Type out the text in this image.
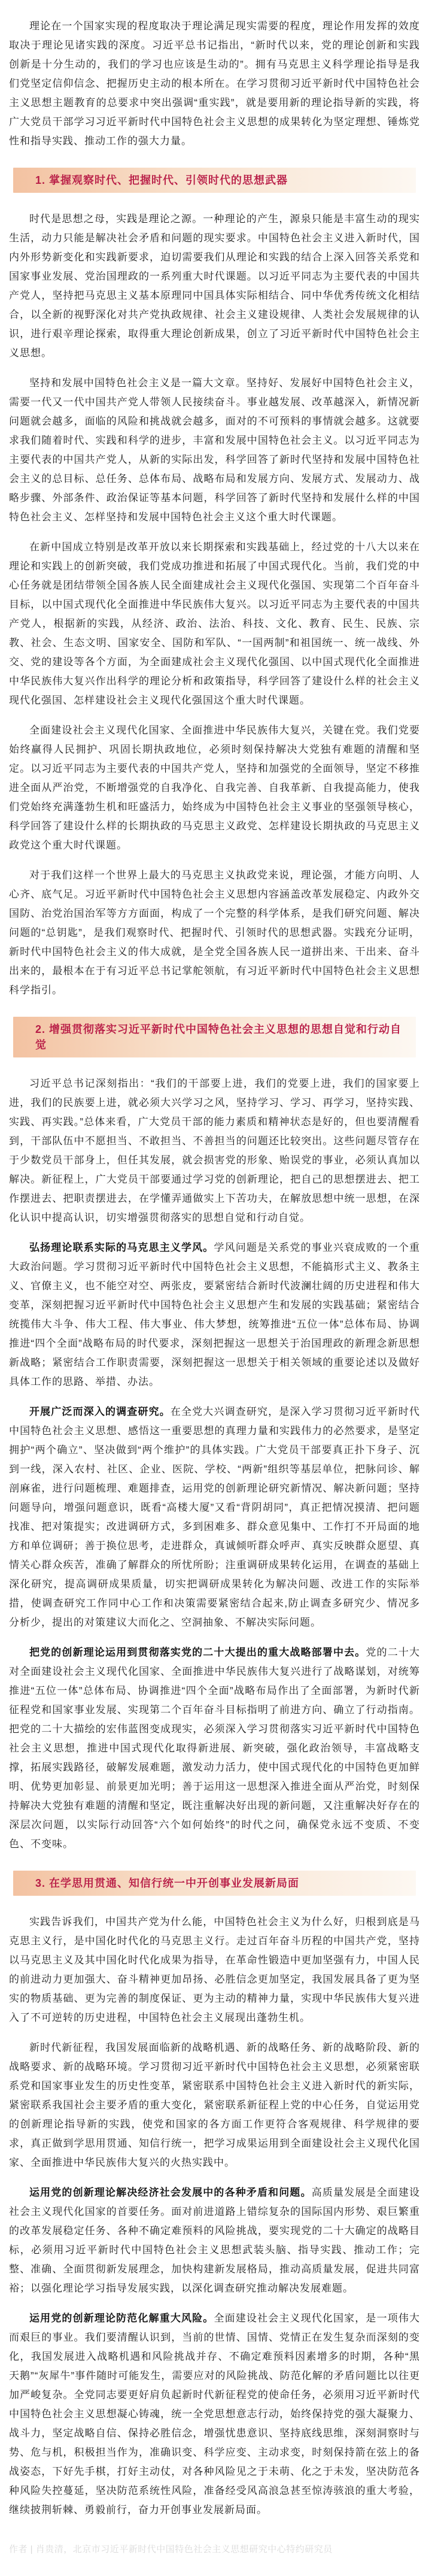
理论在一个国家实现的程度取决于理论满足现实需要的程度，理论作用发挥的效度取决于理论见诸实践的深度。习近平总书记指出，“新时代以来，党的理论创新和实践创新是十分生动的，我们的学习也应该是生动的”。拥有马克思主义科学理论指导是我们党坚定信仰信念、把握历史主动的根本所在。在学习贯彻习近平新时代中国特色社会主义思想主题教育的总要求中突出强调“重实践”，就是要用新的理论指导新的实践，将广大党员干部学习习近平新时代中国特色社会主义思想的成果转化为坚定理想、锤炼党性和指导实践、推动工作的强大力量。

1. 掌握观察时代、把握时代、引领时代的思想武器

时代是思想之母，实践是理论之源。一种理论的产生，源泉只能是丰富生动的现实生活，动力只能是解决社会矛盾和问题的现实要求。中国特色社会主义进入新时代，国内外形势新变化和实践新要求，迫切需要我们从理论和实践的结合上深入回答关系党和国家事业发展、党治国理政的一系列重大时代课题。以习近平同志为主要代表的中国共产党人，坚持把马克思主义基本原理同中国具体实际相结合、同中华优秀传统文化相结合，以全新的视野深化对共产党执政规律、社会主义建设规律、人类社会发展规律的认识，进行艰辛理论探索，取得重大理论创新成果，创立了习近平新时代中国特色社会主义思想。

坚持和发展中国特色社会主义是一篇大文章。坚持好、发展好中国特色社会主义，需要一代又一代中国共产党人带领人民接续奋斗。事业越发展、改革越深入，新情况新问题就会越多，面临的风险和挑战就会越多，面对的不可预料的事情就会越多。这就要求我们随着时代、实践和科学的进步，丰富和发展中国特色社会主义。以习近平同志为主要代表的中国共产党人，从新的实际出发，科学回答了新时代坚持和发展中国特色社会主义的总目标、总任务、总体布局、战略布局和发展方向、发展方式、发展动力、战略步骤、外部条件、政治保证等基本问题，科学回答了新时代坚持和发展什么样的中国特色社会主义、怎样坚持和发展中国特色社会主义这个重大时代课题。

在新中国成立特别是改革开放以来长期探索和实践基础上，经过党的十八大以来在理论和实践上的创新突破，我们党成功推进和拓展了中国式现代化。当前，我们党的中心任务就是团结带领全国各族人民全面建成社会主义现代化强国、实现第二个百年奋斗目标，以中国式现代化全面推进中华民族伟大复兴。以习近平同志为主要代表的中国共产党人，根据新的实践，从经济、政治、法治、科技、文化、教育、民生、民族、宗教、社会、生态文明、国家安全、国防和军队、“一国两制”和祖国统一、统一战线、外交、党的建设等各个方面，为全面建成社会主义现代化强国、以中国式现代化全面推进中华民族伟大复兴作出科学的理论分析和政策指导，科学回答了建设什么样的社会主义现代化强国、怎样建设社会主义现代化强国这个重大时代课题。

全面建设社会主义现代化国家、全面推进中华民族伟大复兴，关键在党。我们党要始终赢得人民拥护、巩固长期执政地位，必须时刻保持解决大党独有难题的清醒和坚定。以习近平同志为主要代表的中国共产党人，坚持和加强党的全面领导，坚定不移推进全面从严治党，不断增强党的自我净化、自我完善、自我革新、自我提高能力，使我们党始终充满蓬勃生机和旺盛活力，始终成为中国特色社会主义事业的坚强领导核心，科学回答了建设什么样的长期执政的马克思主义政党、怎样建设长期执政的马克思主义政党这个重大时代课题。

对于我们这样一个世界上最大的马克思主义执政党来说，理论强，才能方向明、人心齐、底气足。习近平新时代中国特色社会主义思想内容涵盖改革发展稳定、内政外交国防、治党治国治军等方方面面，构成了一个完整的科学体系，是我们研究问题、解决问题的“总钥匙”，是我们观察时代、把握时代、引领时代的思想武器。实践充分证明，新时代中国特色社会主义的伟大成就，是全党全国各族人民一道拼出来、干出来、奋斗出来的，最根本在于有习近平总书记掌舵领航，有习近平新时代中国特色社会主义思想科学指引。

2. 增强贯彻落实习近平新时代中国特色社会主义思想的思想自觉和行动自觉

习近平总书记深刻指出：“我们的干部要上进，我们的党要上进，我们的国家要上进，我们的民族要上进，就必须大兴学习之风，坚持学习、学习、再学习，坚持实践、实践、再实践。”总体来看，广大党员干部的能力素质和精神状态是好的，但也要清醒看到，干部队伍中不愿担当、不敢担当、不善担当的问题还比较突出。这些问题尽管存在于少数党员干部身上，但任其发展，就会损害党的形象、贻误党的事业，必须认真加以解决。新征程上，广大党员干部要通过学习党的创新理论，把自己的思想摆进去、把工作摆进去、把职责摆进去，在学懂弄通做实上下苦功夫，在解放思想中统一思想，在深化认识中提高认识，切实增强贯彻落实的思想自觉和行动自觉。

弘扬理论联系实际的马克思主义学风。学风问题是关系党的事业兴衰成败的一个重大政治问题。学习贯彻习近平新时代中国特色社会主义思想，不能搞形式主义、教条主义、官僚主义，也不能空对空、两张皮，要紧密结合新时代波澜壮阔的历史进程和伟大变革，深刻把握习近平新时代中国特色社会主义思想产生和发展的实践基础；紧密结合统揽伟大斗争、伟大工程、伟大事业、伟大梦想，统筹推进“五位一体”总体布局、协调推进“四个全面”战略布局的时代要求，深刻把握这一思想关于治国理政的新理念新思想新战略；紧密结合工作职责需要，深刻把握这一思想关于相关领域的重要论述以及做好具体工作的思路、举措、办法。

开展广泛而深入的调查研究。在全党大兴调查研究，是深入学习贯彻习近平新时代中国特色社会主义思想、感悟这一重要思想的真理力量和实践伟力的必然要求，是坚定拥护“两个确立”、坚决做到“两个维护”的具体实践。广大党员干部要真正扑下身子、沉到一线，深入农村、社区、企业、医院、学校、“两新”组织等基层单位，把脉问诊、解剖麻雀，进行问题梳理、难题排查，运用党的创新理论研究新情况、解决新问题；坚持问题导向，增强问题意识，既看“高楼大厦”又看“背阴胡同”，真正把情况摸清、把问题找准、把对策提实；改进调研方式，多到困难多、群众意见集中、工作打不开局面的地方和单位调研；善于换位思考，走进群众，真诚倾听群众呼声、真实反映群众愿望、真情关心群众疾苦，准确了解群众的所忧所盼；注重调研成果转化运用，在调查的基础上深化研究，提高调研成果质量，切实把调研成果转化为解决问题、改进工作的实际举措，使调查研究工作同中心工作和决策需要紧密结合起来,防止调查多研究少、情况多分析少，提出的对策建议大而化之、空洞抽象、不解决实际问题。

把党的创新理论运用到贯彻落实党的二十大提出的重大战略部署中去。党的二十大对全面建设社会主义现代化国家、全面推进中华民族伟大复兴进行了战略谋划，对统筹推进“五位一体”总体布局、协调推进“四个全面”战略布局作出了全面部署，为新时代新征程党和国家事业发展、实现第二个百年奋斗目标指明了前进方向、确立了行动指南。把党的二十大描绘的宏伟蓝图变成现实，必须深入学习贯彻落实习近平新时代中国特色社会主义思想，推进中国式现代化取得新进展、新突破，强化政治领导，丰富战略支撑，拓展实践路径，破解发展难题，激发动力活力，使中国式现代化的中国特色更加鲜明、优势更加彰显、前景更加光明；善于运用这一思想深入推进全面从严治党，时刻保持解决大党独有难题的清醒和坚定，既注重解决好出现的新问题，又注重解决好存在的深层次问题，以实际行动回答“六个如何始终”的时代之问，确保党永远不变质、不变色、不变味。

3. 在学思用贯通、知信行统一中开创事业发展新局面

实践告诉我们，中国共产党为什么能，中国特色社会主义为什么好，归根到底是马克思主义行，是中国化时代化的马克思主义行。走过百年奋斗历程的中国共产党，坚持以马克思主义及其中国化时代化成果为指导，在革命性锻造中更加坚强有力，中国人民的前进动力更加强大、奋斗精神更加昂扬、必胜信念更加坚定，我国发展具备了更为坚实的物质基础、更为完善的制度保证、更为主动的精神力量，实现中华民族伟大复兴进入了不可逆转的历史进程，中国特色社会主义展现出蓬勃生机。

新时代新征程，我国发展面临新的战略机遇、新的战略任务、新的战略阶段、新的战略要求、新的战略环境。学习贯彻习近平新时代中国特色社会主义思想，必须紧密联系党和国家事业发生的历史性变革，紧密联系中国特色社会主义进入新时代的新实际，紧密联系我国社会主要矛盾的重大变化，紧密联系新征程上党的中心任务，自觉运用党的创新理论指导新的实践，使党和国家的各方面工作更符合客观规律、科学规律的要求，真正做到学思用贯通、知信行统一，把学习成果运用到全面建设社会主义现代化国家、全面推进中华民族伟大复兴的火热实践中。

运用党的创新理论解决经济社会发展中的各种矛盾和问题。高质量发展是全面建设社会主义现代化国家的首要任务。面对前进道路上错综复杂的国际国内形势、艰巨繁重的改革发展稳定任务、各种不确定难预料的风险挑战，要实现党的二十大确定的战略目标，必须用习近平新时代中国特色社会主义思想武装头脑、指导实践、推动工作；完整、准确、全面贯彻新发展理念，加快构建新发展格局，推动高质量发展，促进共同富裕；以强化理论学习指导发展实践，以深化调查研究推动解决发展难题。

运用党的创新理论防范化解重大风险。全面建设社会主义现代化国家，是一项伟大而艰巨的事业。我们要清醒认识到，当前的世情、国情、党情正在发生复杂而深刻的变化，我国发展进入战略机遇和风险挑战并存、不确定难预料因素增多的时期，各种“黑天鹅”“灰犀牛”事件随时可能发生，需要应对的风险挑战、防范化解的矛盾问题比以往更加严峻复杂。全党同志要更好肩负起新时代新征程党的使命任务，必须用习近平新时代中国特色社会主义思想凝心铸魂，统一全党思想意志行动，始终保持党的强大凝聚力、战斗力，坚定战略自信、保持必胜信念，增强忧患意识、坚持底线思维，深刻洞察时与势、危与机，积极担当作为，准确识变、科学应变、主动求变，时刻保持箭在弦上的备战姿态，下好先手棋，打好主动仗，对各种风险见之于未萌、化之于未发，坚决防范各种风险失控蔓延，坚决防范系统性风险，准备经受风高浪急甚至惊涛骇浪的重大考验，继续披荆斩棘、勇毅前行，奋力开创事业发展新局面。

作者 | 肖贵清，北京市习近平新时代中国特色社会主义思想研究中心特约研究员
